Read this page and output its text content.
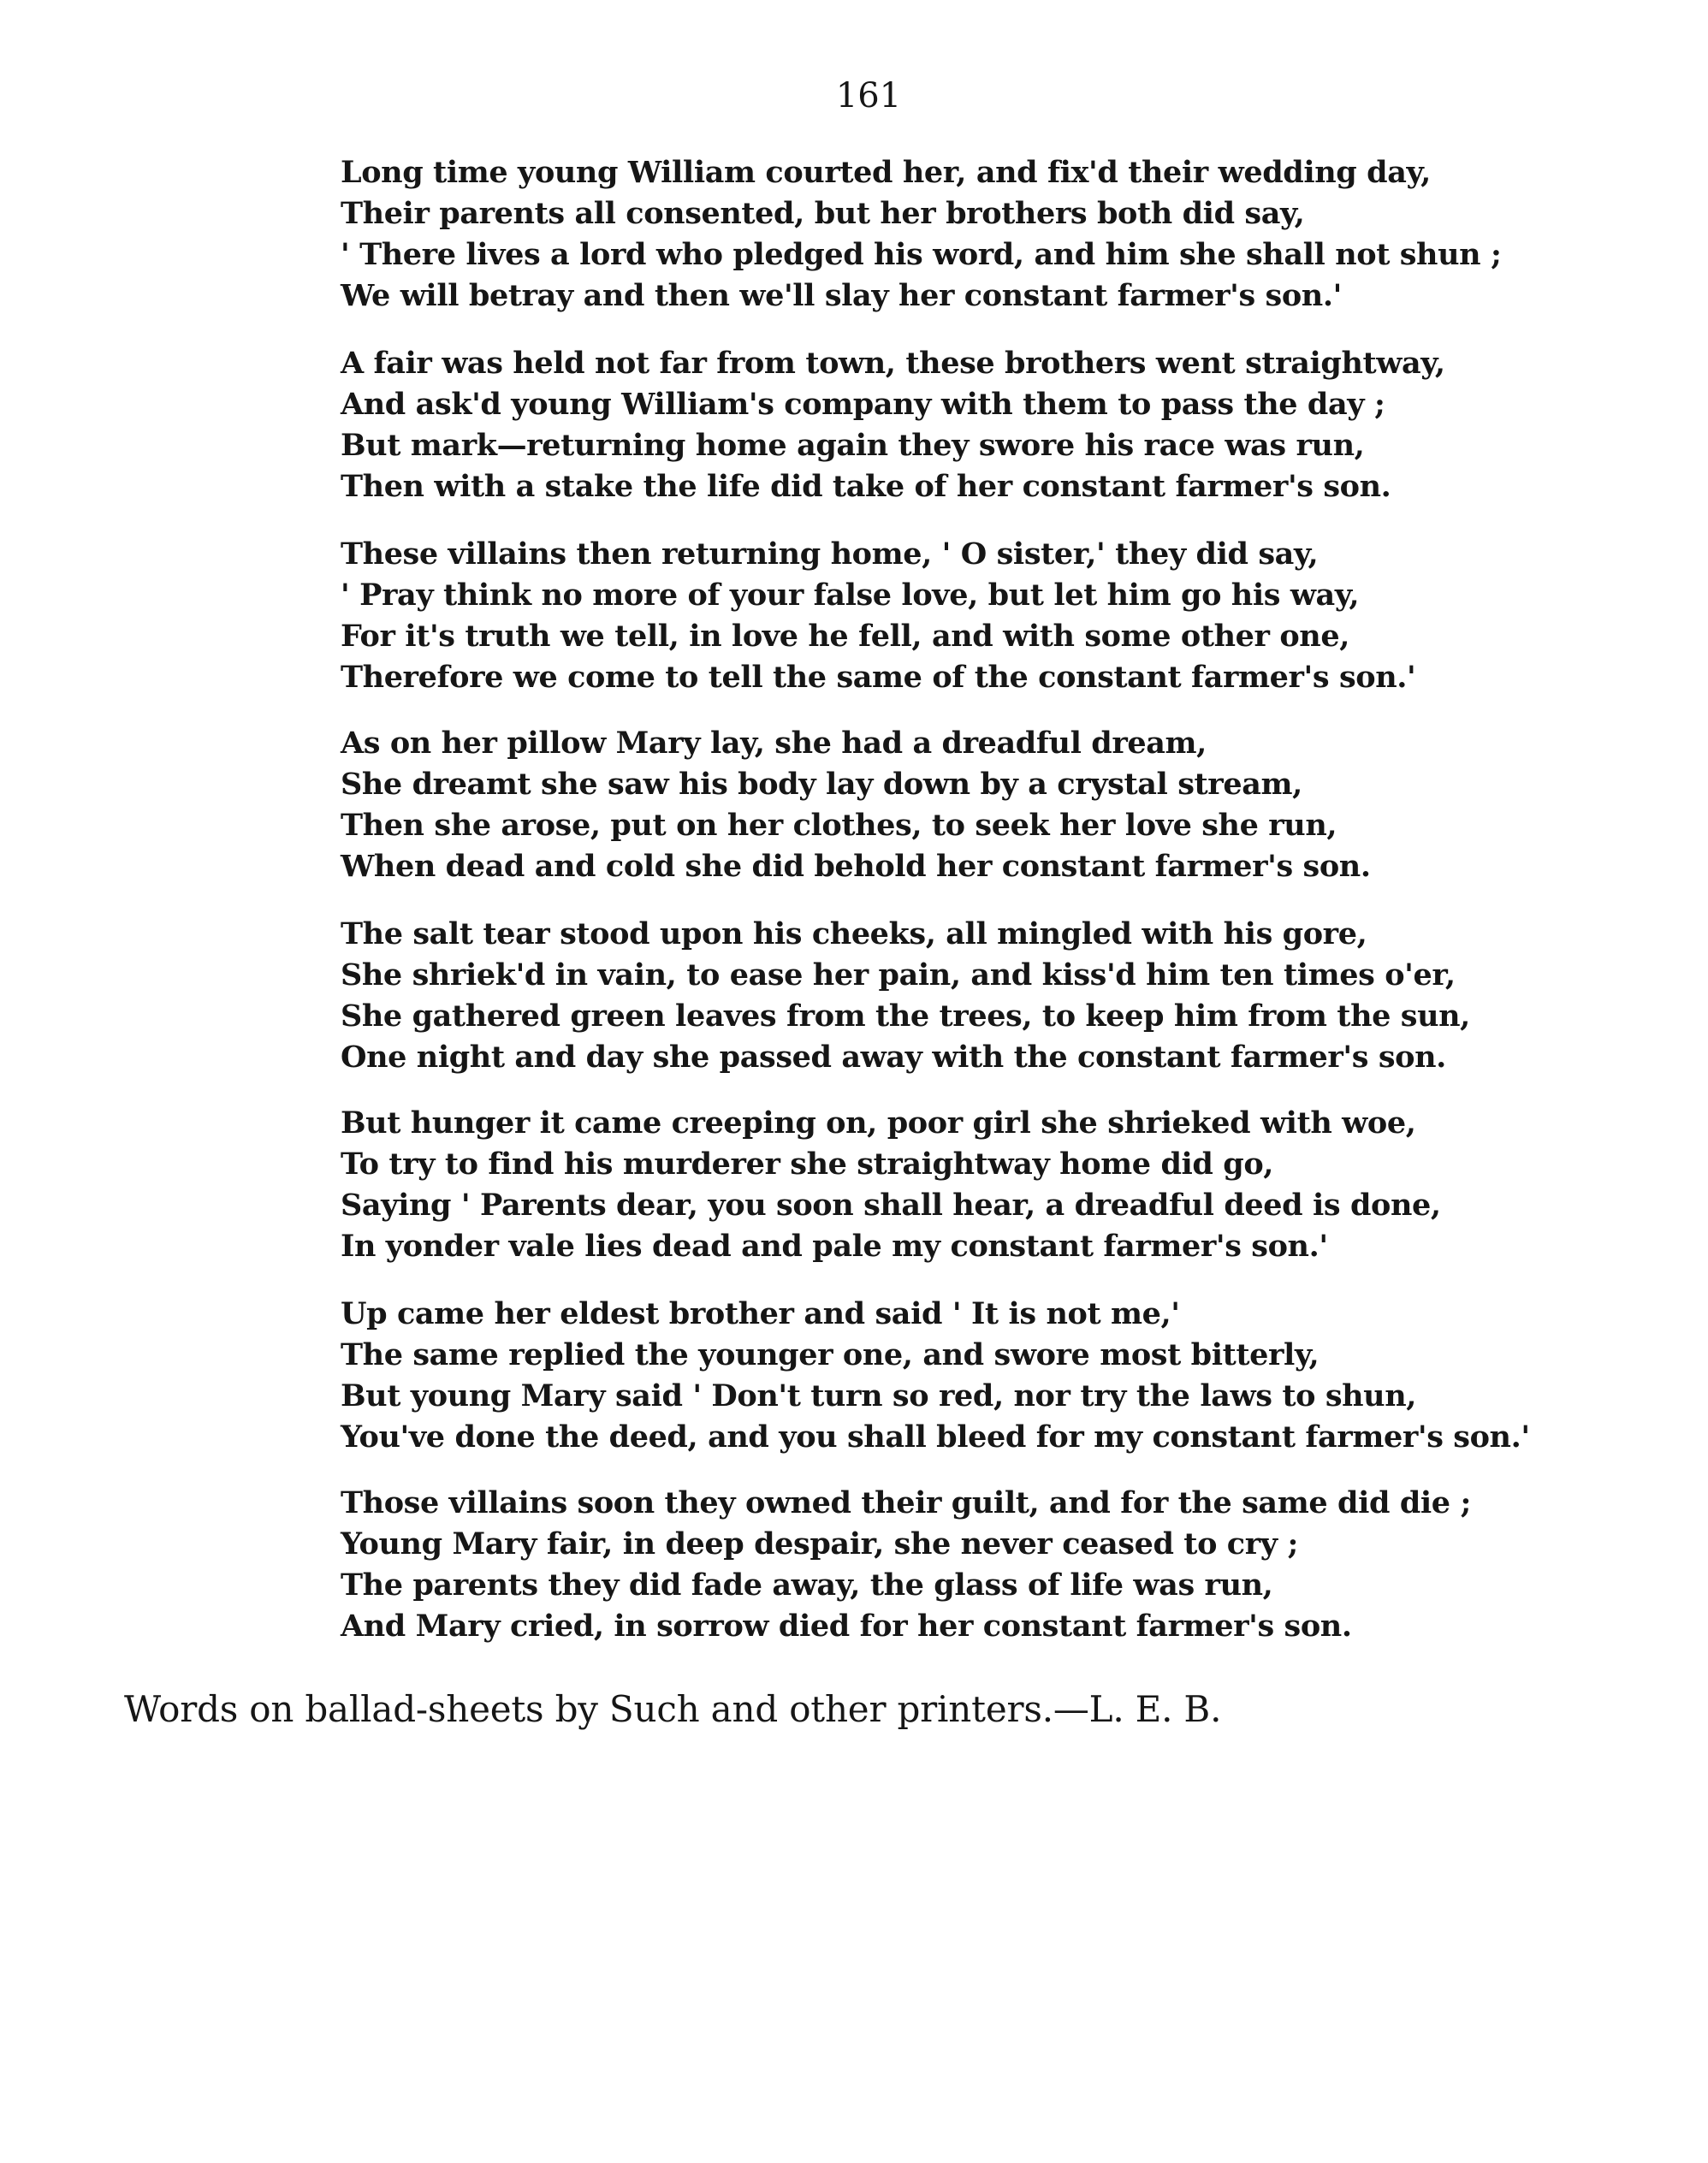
161
Long time young William courted her, and fix'd their wedding day,
Their parents all consented, but her brothers both did say,
' There lives a lord who pledged his word, and him she shall not shun ;
We will betray and then we'll slay her constant farmer's son.'
A fair was held not far from town, these brothers went straightway,
And ask'd young William's company with them to pass the day ;
But mark—returning home again they swore his race was run,
Then with a stake the life did take of her constant farmer's son.
These villains then returning home, ' O sister,' they did say,
' Pray think no more of your false love, but let him go his way,
For it's truth we tell, in love he fell, and with some other one,
Therefore we come to tell the same of the constant farmer's son.'
As on her pillow Mary lay, she had a dreadful dream,
She dreamt she saw his body lay down by a crystal stream,
Then she arose, put on her clothes, to seek her love she run,
When dead and cold she did behold her constant farmer's son.
The salt tear stood upon his cheeks, all mingled with his gore,
She shriek'd in vain, to ease her pain, and kiss'd him ten times o'er,
She gathered green leaves from the trees, to keep him from the sun,
One night and day she passed away with the constant farmer's son.
But hunger it came creeping on, poor girl she shrieked with woe,
To try to find his murderer she straightway home did go,
Saying ' Parents dear, you soon shall hear, a dreadful deed is done,
In yonder vale lies dead and pale my constant farmer's son.'
Up came her eldest brother and said ' It is not me,'
The same replied the younger one, and swore most bitterly,
But young Mary said ' Don't turn so red, nor try the laws to shun,
You've done the deed, and you shall bleed for my constant farmer's son.'
Those villains soon they owned their guilt, and for the same did die ;
Young Mary fair, in deep despair, she never ceased to cry ;
The parents they did fade away, the glass of life was run,
And Mary cried, in sorrow died for her constant farmer's son.
Words on ballad-sheets by Such and other printers.—L. E. B.
